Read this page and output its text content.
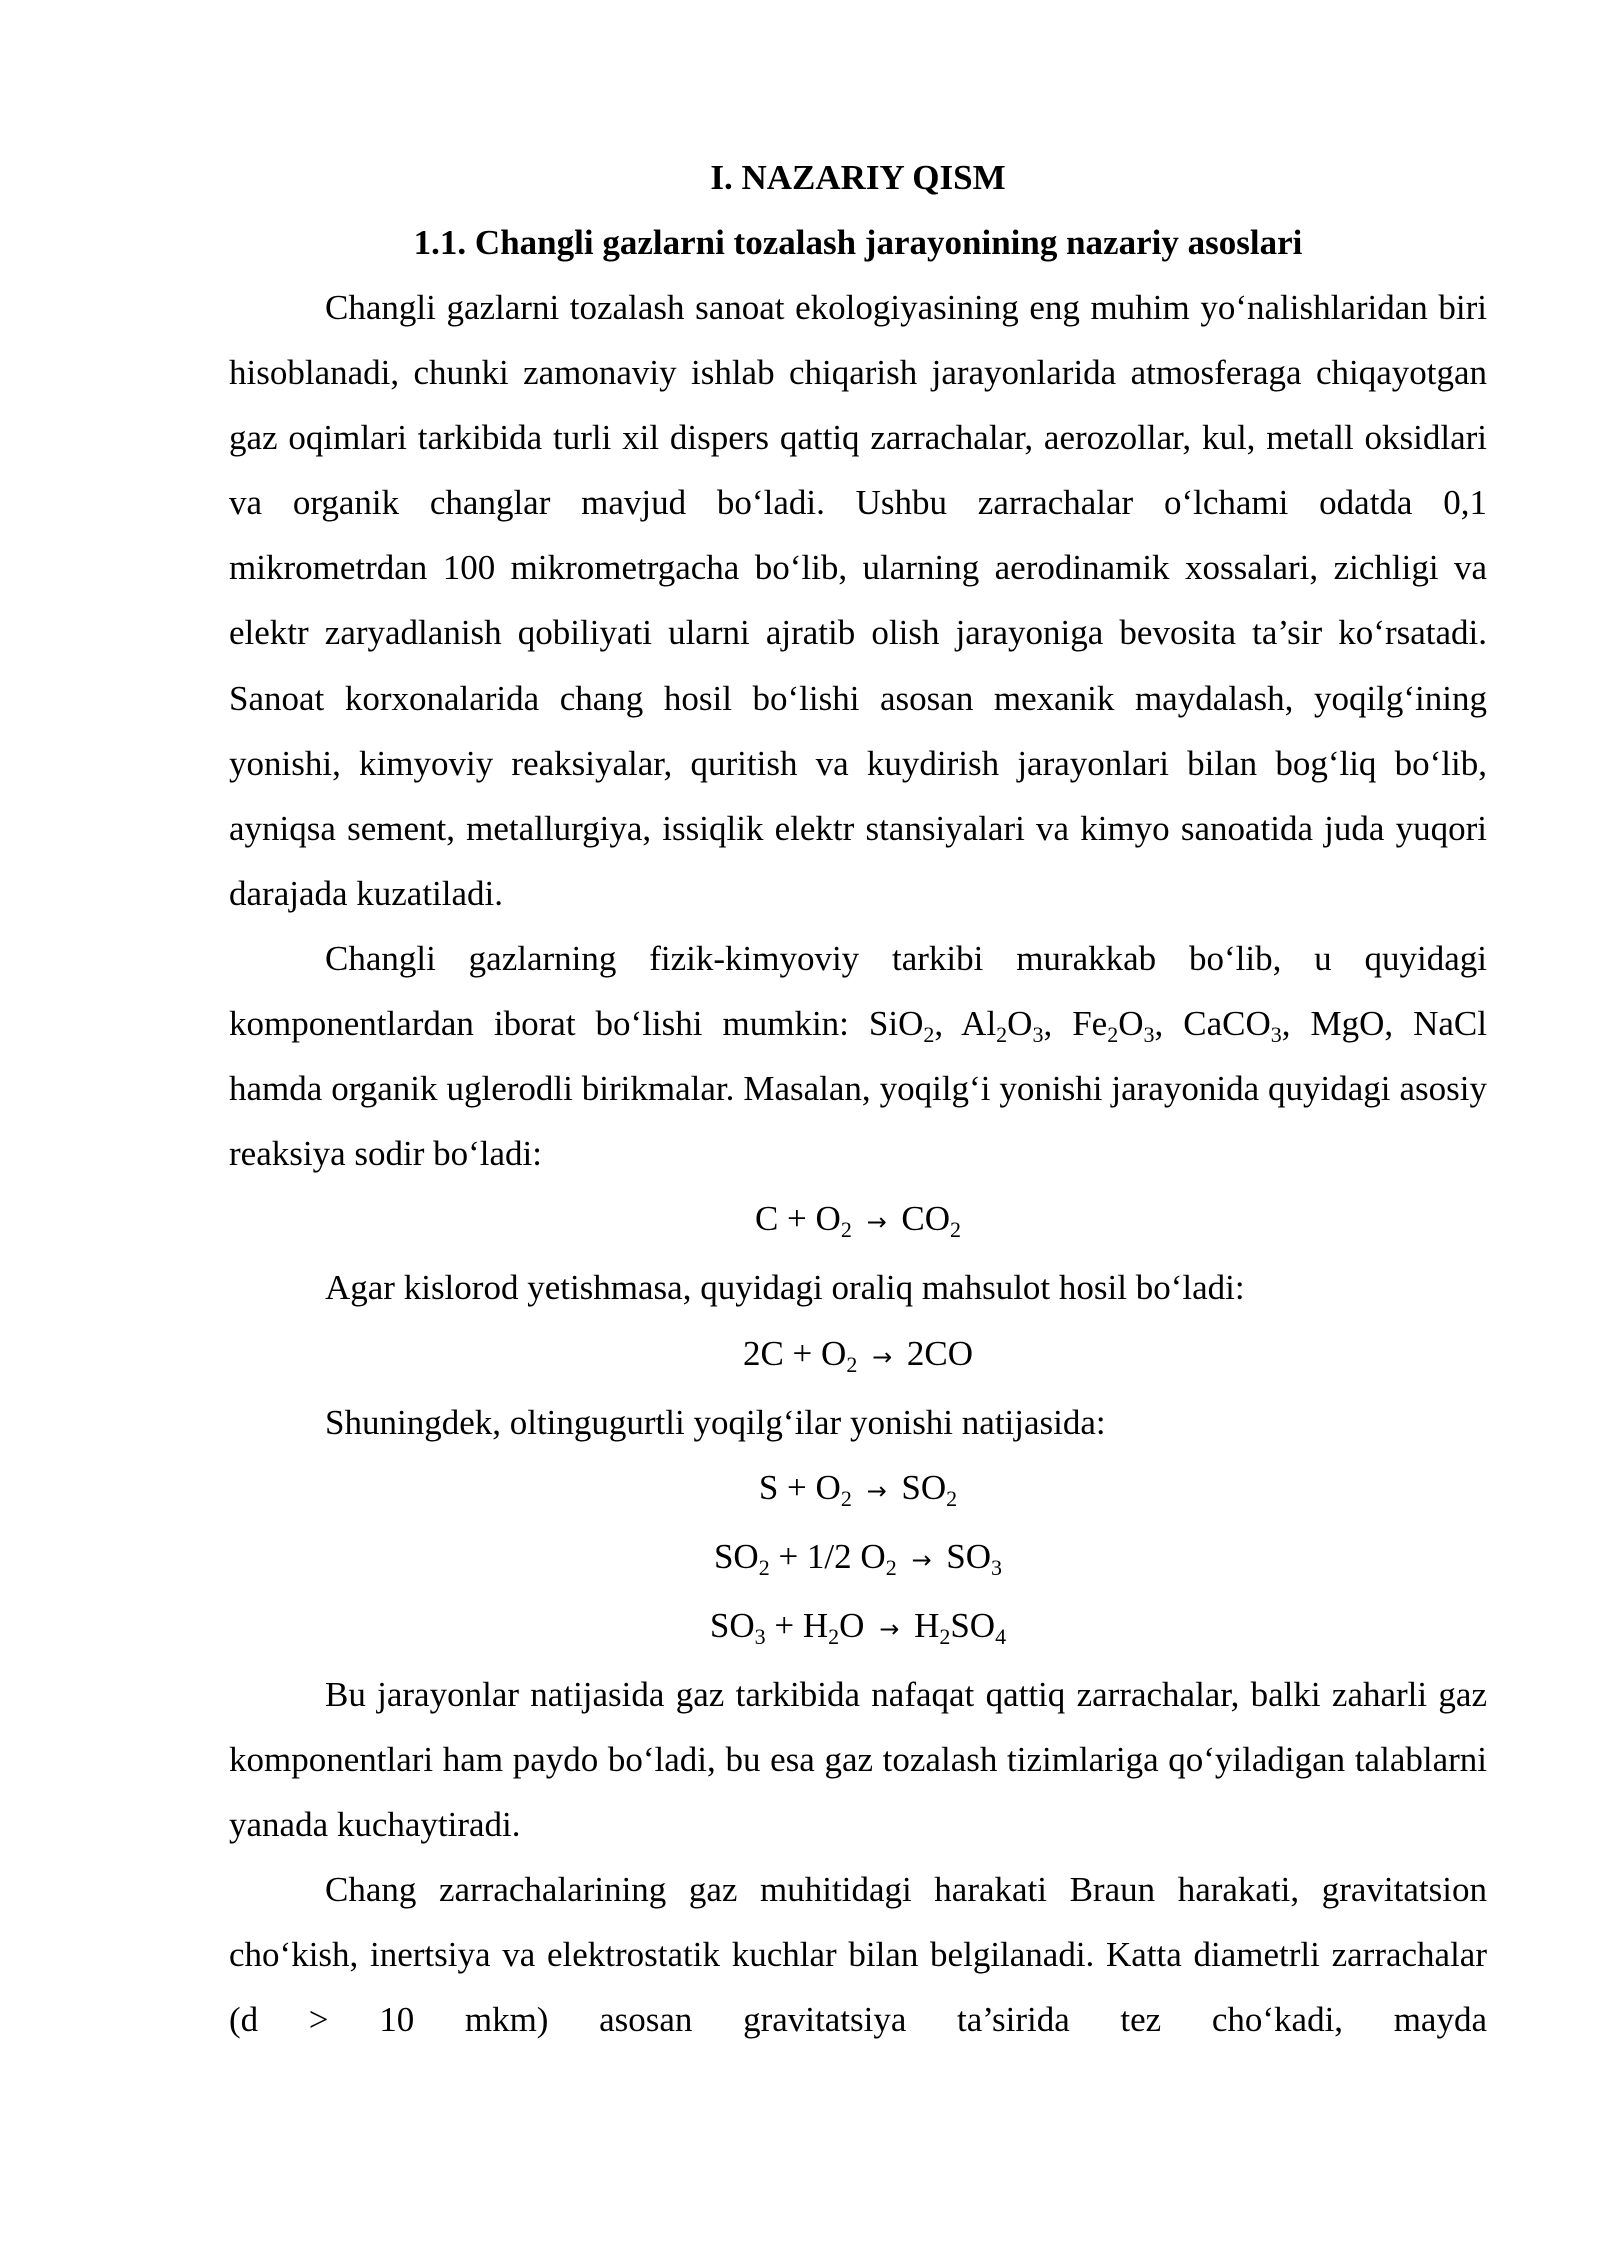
I. NAZARIY QISM

1.1. Changli gazlarni tozalash jarayonining nazariy asoslari

Changli gazlarni tozalash sanoat ekologiyasining eng muhim yo‘nalishlaridan biri hisoblanadi, chunki zamonaviy ishlab chiqarish jarayonlarida atmosferaga chiqayotgan gaz oqimlari tarkibida turli xil dispers qattiq zarrachalar, aerozollar, kul, metall oksidlari va organik changlar mavjud bo‘ladi. Ushbu zarrachalar o‘lchami odatda 0,1 mikrometrdan 100 mikrometrgacha bo‘lib, ularning aerodinamik xossalari, zichligi va elektr zaryadlanish qobiliyati ularni ajratib olish jarayoniga bevosita ta’sir ko‘rsatadi. Sanoat korxonalarida chang hosil bo‘lishi asosan mexanik maydalash, yoqilg‘ining yonishi, kimyoviy reaksiyalar, quritish va kuydirish jarayonlari bilan bog‘liq bo‘lib, ayniqsa sement, metallurgiya, issiqlik elektr stansiyalari va kimyo sanoatida juda yuqori darajada kuzatiladi.

Changli gazlarning fizik-kimyoviy tarkibi murakkab bo‘lib, u quyidagi komponentlardan iborat bo‘lishi mumkin: SiO$_2$, $Al_2O_3$, $Fe_2O_3$, CaCO$_3$, MgO, NaCl hamda organik uglerodli birikmalar. Masalan, yoqilg‘i yonishi jarayonida quyidagi asosiy reaksiya sodir bo‘ladi:

$C + O_2 \to CO_2$

Agar kislorod yetishmasa, quyidagi oraliq mahsulot hosil bo‘ladi:

$2C + O_2 \to 2CO$

Shuningdek, oltingugurtli yoqilg‘ilar yonishi natijasida:

$S + O_2 \to SO_2$

$SO_2 + 1/2$ $O_2 \to SO_3$

$SO_3 + H_2O \to H_2SO_4$

Bu jarayonlar natijasida gaz tarkibida nafaqat qattiq zarrachalar, balki zaharli gaz komponentlari ham paydo bo‘ladi, bu esa gaz tozalash tizimlariga qo‘yiladigan talablarni yanada kuchaytiradi.

Chang zarrachalarining gaz muhitidagi harakati Braun harakati, gravitatsion cho‘kish, inertsiya va elektrostatik kuchlar bilan belgilanadi. Katta diametrli zarrachalar (d > 10 mkm) asosan gravitatsiya ta’sirida tez cho‘kadi, mayda
